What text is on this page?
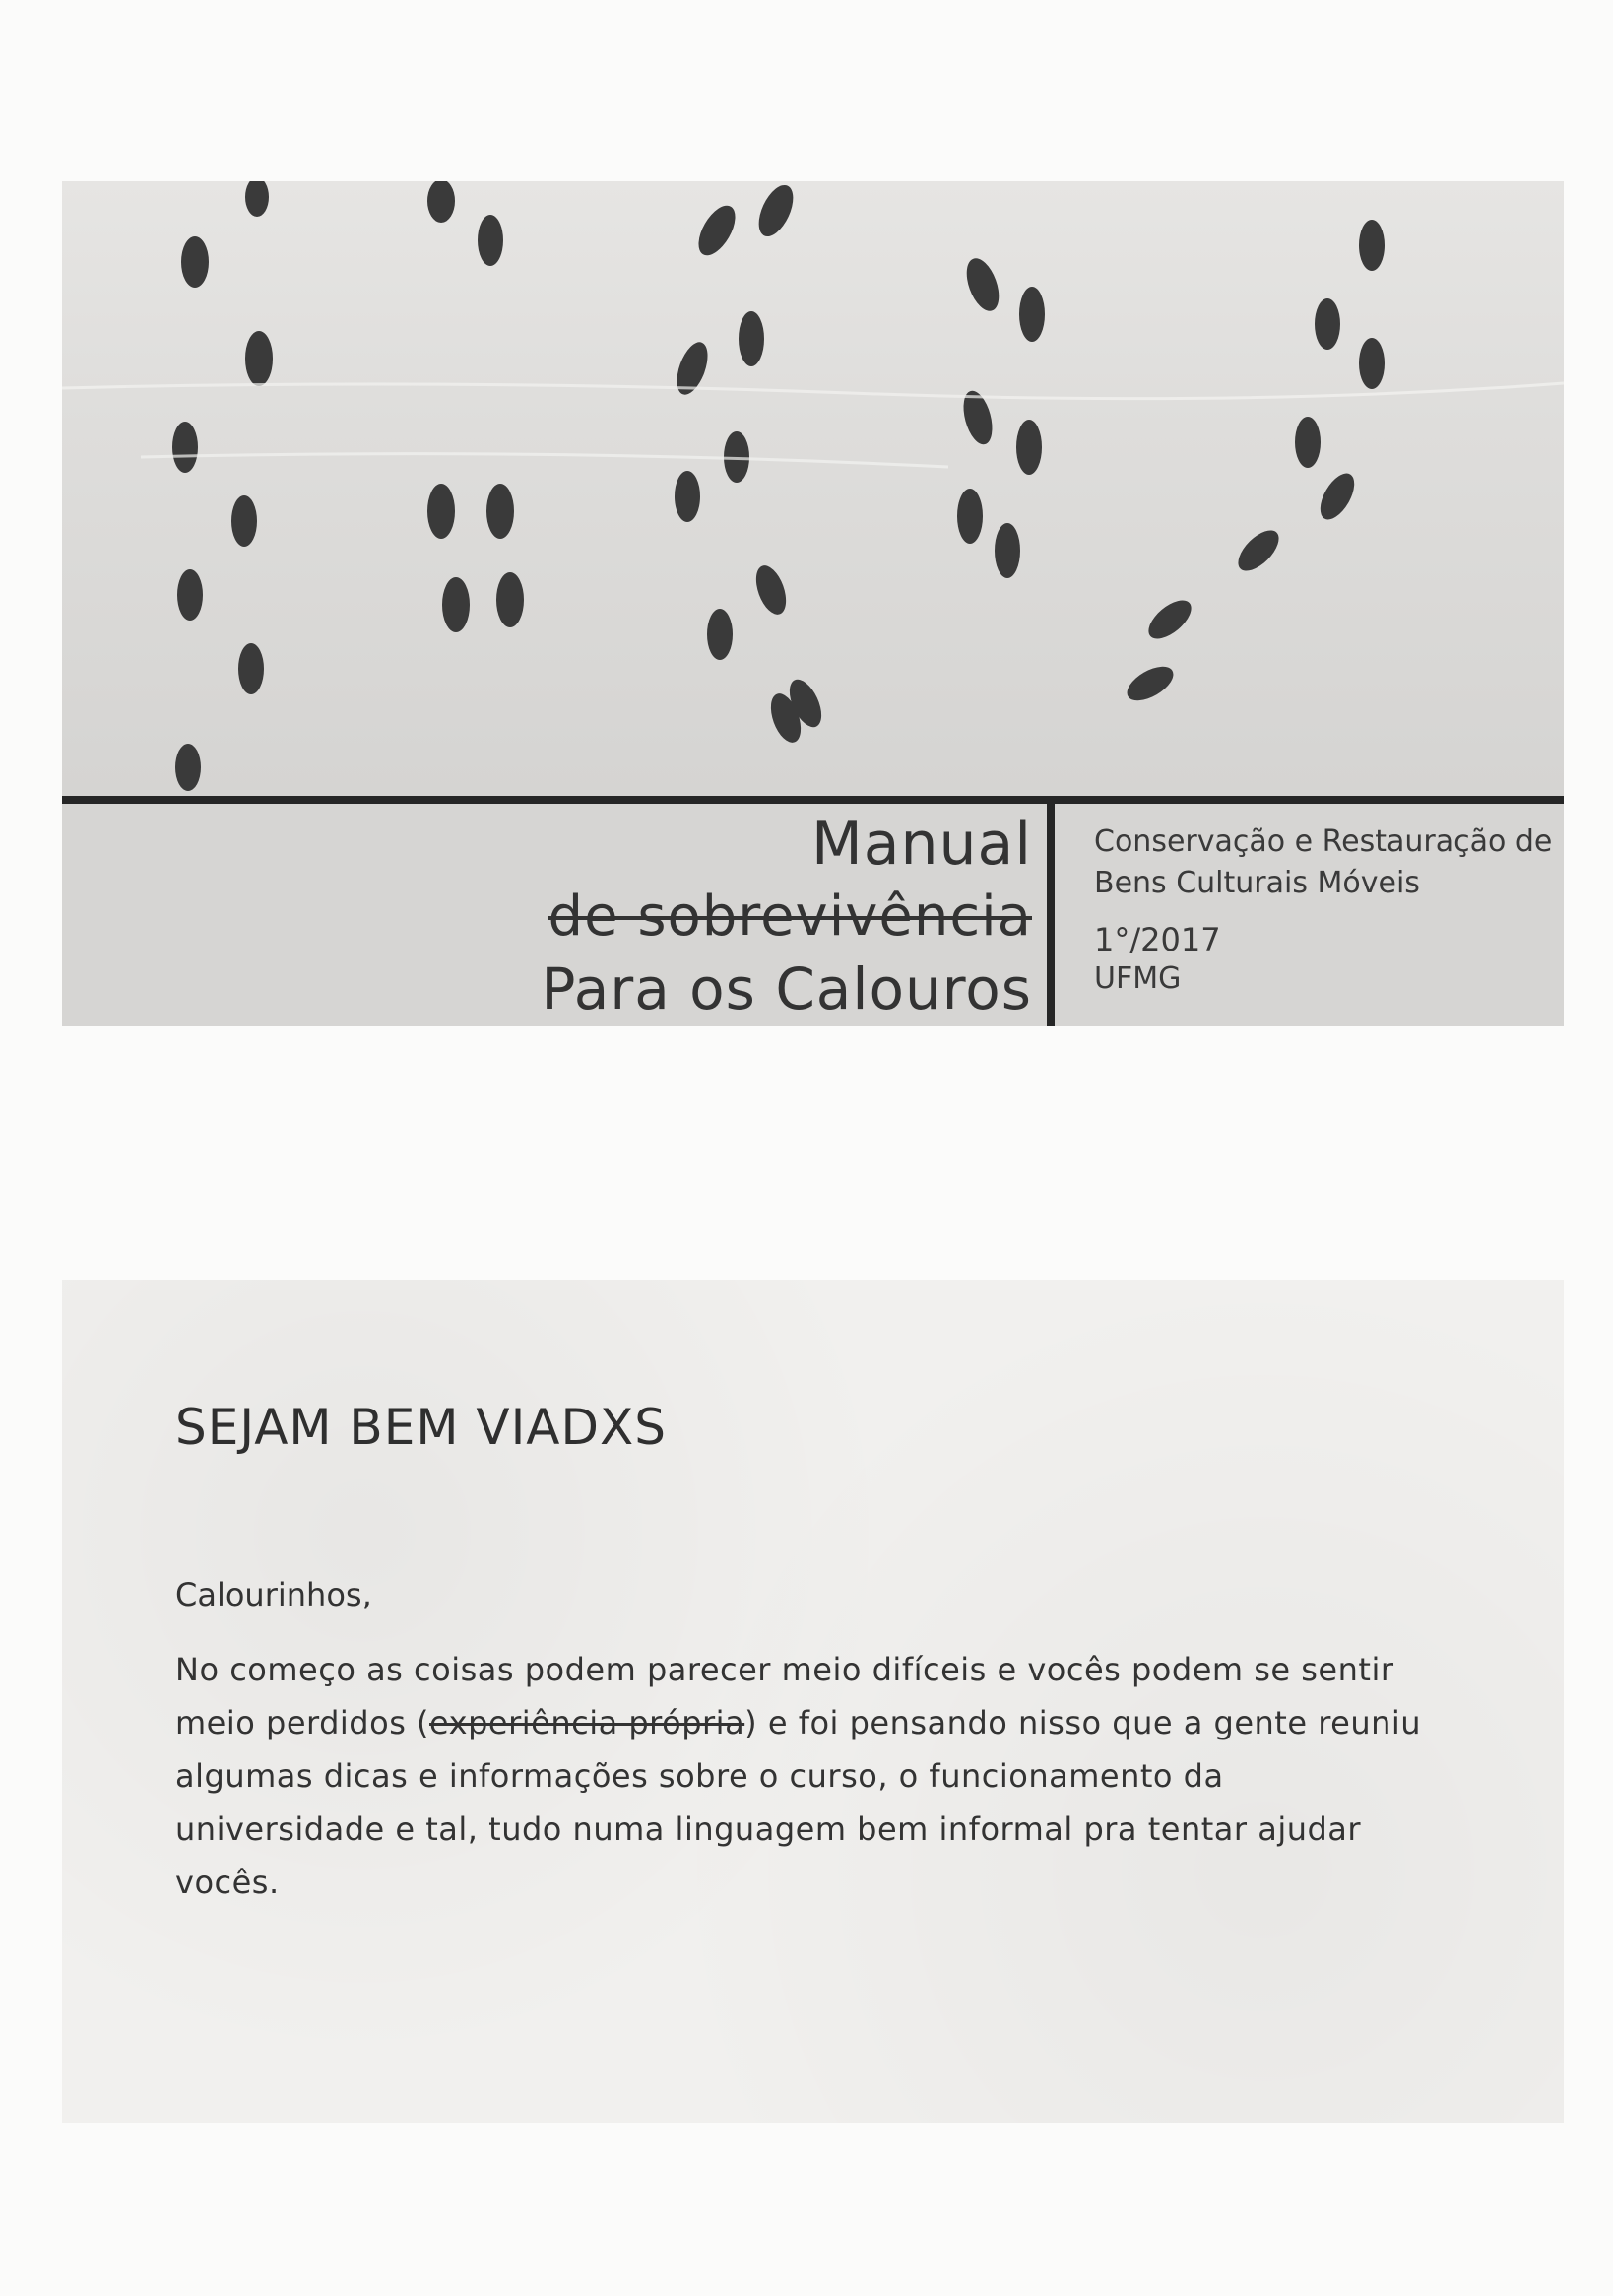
Manual
de sobrevivência
Para os Calouros
Conservação e Restauração de
Bens Culturais Móveis
1°/2017
UFMG
SEJAM BEM VIADXS
Calourinhos,
No começo as coisas podem parecer meio difíceis e vocês podem se sentir meio perdidos (experiência própria) e foi pensando nisso que a gente reuniu algumas dicas e informações sobre o curso, o funcionamento da universidade e tal, tudo numa linguagem bem informal pra tentar ajudar vocês.
